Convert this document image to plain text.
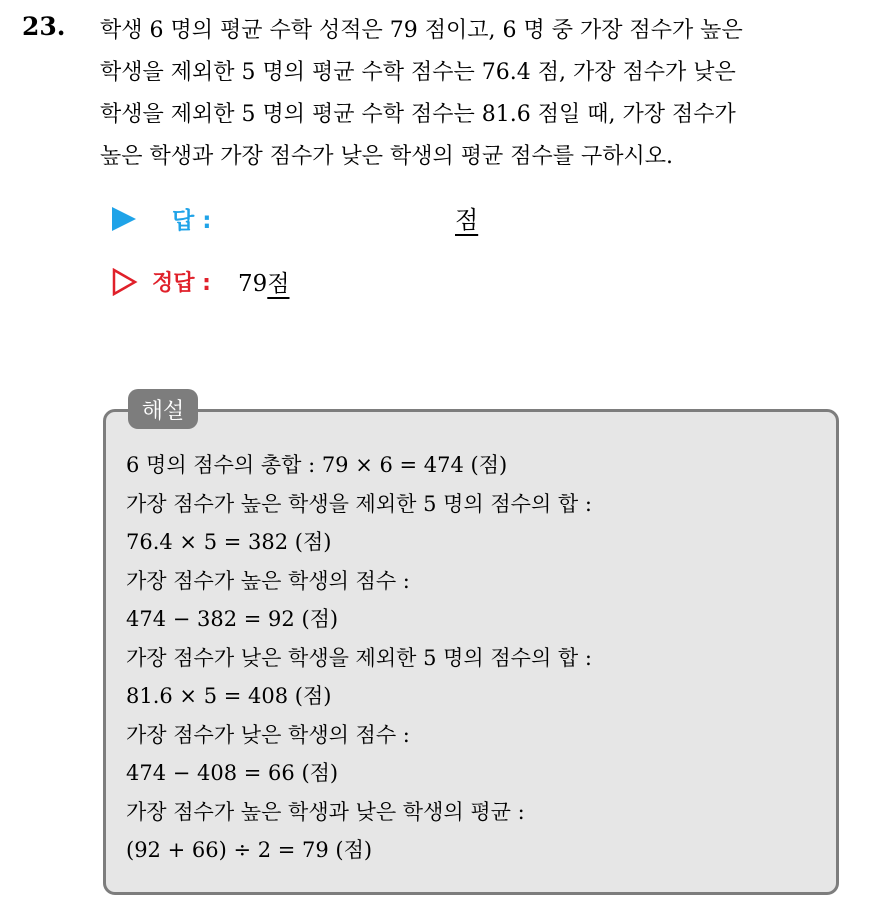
23. 학생 6 명의 평균 수학 성적은 79 점이고, 6 명 중 가장 점수가 높은
학생을 제외한 5 명의 평균 수학 점수는 76.4 점, 가장 점수가 낮은
학생을 제외한 5 명의 평균 수학 점수는 81.6 점일 때, 가장 점수가
높은 학생과 가장 점수가 낮은 학생의 평균 점수를 구하시오.
답 :	점
정답 : 79점
해설
6 명의 점수의 총합 : 79 × 6 = 474 (점)
가장 점수가 높은 학생을 제외한 5 명의 점수의 합 :
76.4 × 5 = 382 (점)
가장 점수가 높은 학생의 점수 :
474 − 382 = 92 (점)
가장 점수가 낮은 학생을 제외한 5 명의 점수의 합 :
81.6 × 5 = 408 (점)
가장 점수가 낮은 학생의 점수 :
474 − 408 = 66 (점)
가장 점수가 높은 학생과 낮은 학생의 평균 :
(92 + 66) ÷ 2 = 79 (점)
